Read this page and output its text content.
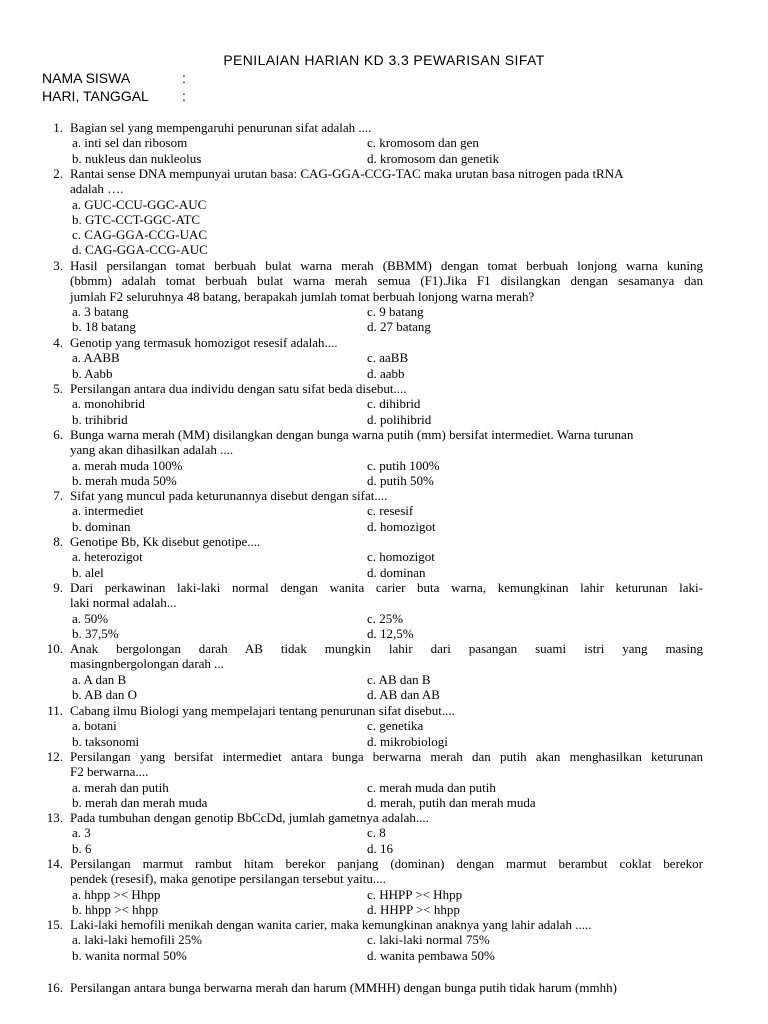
PENILAIAN HARIAN KD 3.3 PEWARISAN SIFAT
NAMA SISWA	:
HARI, TANGGAL :
1. Bagian sel yang mempengaruhi penurunan sifat adalah ....
a. inti sel dan ribosom	c. kromosom dan gen
b. nukleus dan nukleolus	d. kromosom dan genetik
2. Rantai sense DNA mempunyai urutan basa: CAG-GGA-CCG-TAC maka urutan basa nitrogen pada tRNA
adalah ….
a. GUC-CCU-GGC-AUC
b. GTC-CCT-GGC-ATC
c. CAG-GGA-CCG-UAC
d. CAG-GGA-CCG-AUC
3. Hasil persilangan tomat berbuah bulat warna merah (BBMM) dengan tomat berbuah lonjong warna kuning
(bbmm) adalah tomat berbuah bulat warna merah semua (F1).Jika F1 disilangkan dengan sesamanya dan
jumlah F2 seluruhnya 48 batang, berapakah jumlah tomat berbuah lonjong warna merah?
a. 3 batang	c. 9 batang
b. 18 batang	d. 27 batang
4. Genotip yang termasuk homozigot resesif adalah....
a. AABB	c. aaBB
b. Aabb	d. aabb
5. Persilangan antara dua individu dengan satu sifat beda disebut....
a. monohibrid	c. dihibrid
b. trihibrid	d. polihibrid
6. Bunga warna merah (MM) disilangkan dengan bunga warna putih (mm) bersifat intermediet. Warna turunan
yang akan dihasilkan adalah ....
a. merah muda 100%	c. putih 100%
b. merah muda 50%	d. putih 50%
7. Sifat yang muncul pada keturunannya disebut dengan sifat....
a. intermediet	c. resesif
b. dominan	d. homozigot
8. Genotipe Bb, Kk disebut genotipe....
a. heterozigot	c. homozigot
b. alel	d. dominan
9. Dari perkawinan laki-laki normal dengan wanita carier buta warna, kemungkinan lahir keturunan laki-
laki normal adalah...
a. 50%	c. 25%
b. 37,5%	d. 12,5%
10. Anak bergolongan darah AB tidak mungkin lahir dari pasangan suami istri yang masing
masingnbergolongan darah ...
a. A dan B	c. AB dan B
b. AB dan O	d. AB dan AB
11. Cabang ilmu Biologi yang mempelajari tentang penurunan sifat disebut....
a. botani	c. genetika
b. taksonomi	d. mikrobiologi
12. Persilangan yang bersifat intermediet antara bunga berwarna merah dan putih akan menghasilkan keturunan
F2 berwarna....
a. merah dan putih	c. merah muda dan putih
b. merah dan merah muda	d. merah, putih dan merah muda
13. Pada tumbuhan dengan genotip BbCcDd, jumlah gametnya adalah....
a. 3	c. 8
b. 6	d. 16
14. Persilangan marmut rambut hitam berekor panjang (dominan) dengan marmut berambut coklat berekor
pendek (resesif), maka genotipe persilangan tersebut yaitu....
a. hhpp >< Hhpp	c. HHPP >< Hhpp
b. hhpp >< hhpp	d. HHPP >< hhpp
15. Laki-laki hemofili menikah dengan wanita carier, maka kemungkinan anaknya yang lahir adalah .....
a. laki-laki hemofili 25%	c. laki-laki normal 75%
b. wanita normal 50%	d. wanita pembawa 50%
16. Persilangan antara bunga berwarna merah dan harum (MMHH) dengan bunga putih tidak harum (mmhh)
